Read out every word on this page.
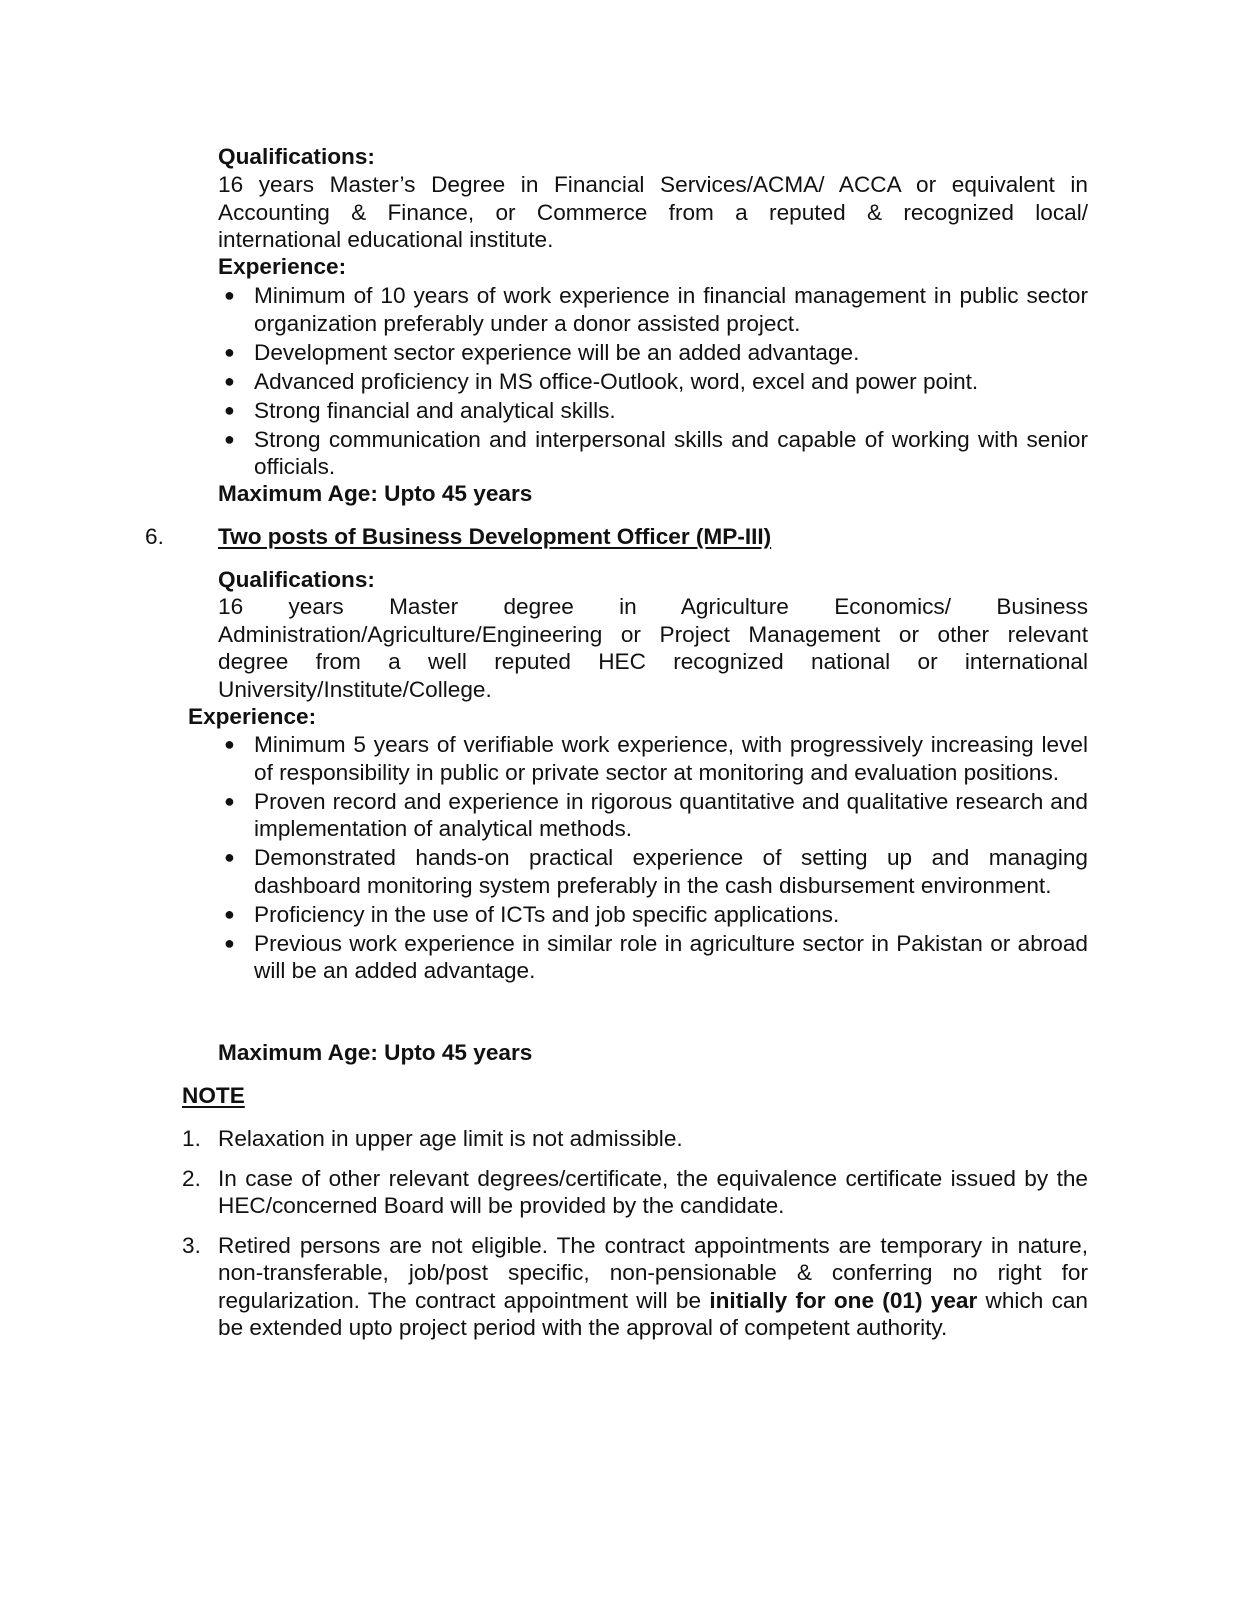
Qualifications:
16 years Master’s Degree in Financial Services/ACMA/ ACCA or equivalent in
Accounting & Finance, or Commerce from a reputed & recognized local/
international educational institute.
Experience:
● Minimum of 10 years of work experience in financial management in public sector organization preferably under a donor assisted project.
● Development sector experience will be an added advantage.
● Advanced proficiency in MS office-Outlook, word, excel and power point.
● Strong financial and analytical skills.
● Strong communication and interpersonal skills and capable of working with senior officials.
Maximum Age: Upto 45 years
6. Two posts of Business Development Officer (MP-III)
Qualifications:
16 years Master degree in Agriculture Economics/ Business
Administration/Agriculture/Engineering or Project Management or other relevant
degree from a well reputed HEC recognized national or international
University/Institute/College.
Experience:
● Minimum 5 years of verifiable work experience, with progressively increasing level of responsibility in public or private sector at monitoring and evaluation positions.
● Proven record and experience in rigorous quantitative and qualitative research and implementation of analytical methods.
● Demonstrated hands-on practical experience of setting up and managing dashboard monitoring system preferably in the cash disbursement environment.
● Proficiency in the use of ICTs and job specific applications.
● Previous work experience in similar role in agriculture sector in Pakistan or abroad will be an added advantage.
Maximum Age: Upto 45 years
NOTE
1. Relaxation in upper age limit is not admissible.
2. In case of other relevant degrees/certificate, the equivalence certificate issued by the HEC/concerned Board will be provided by the candidate.
3. Retired persons are not eligible. The contract appointments are temporary in nature, non-transferable, job/post specific, non-pensionable & conferring no right for regularization. The contract appointment will be initially for one (01) year which can be extended upto project period with the approval of competent authority.
